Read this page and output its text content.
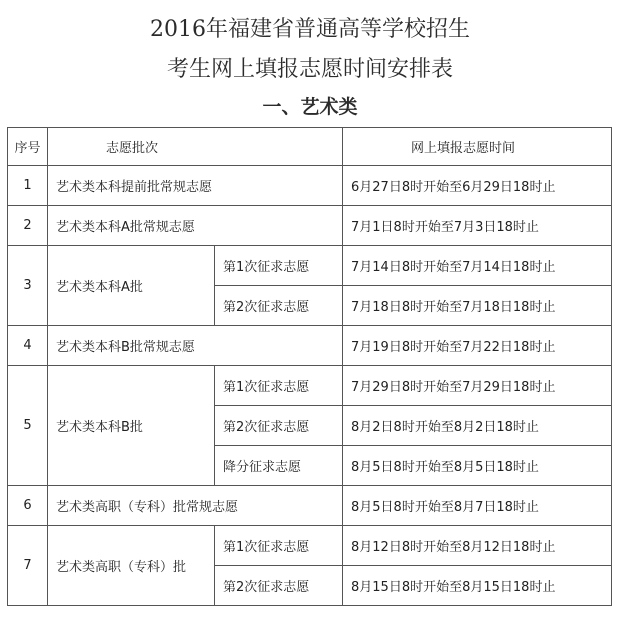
2016年福建省普通高等学校招生
考生网上填报志愿时间安排表
一、艺术类
序号	志愿批次		网上填报志愿时间
1	艺术类本科提前批常规志愿		6月27日8时开始至6月29日18时止
2	艺术类本科A批常规志愿		7月1日8时开始至7月3日18时止
3	艺术类本科A批	第1次征求志愿	7月14日8时开始至7月14日18时止
		第2次征求志愿	7月18日8时开始至7月18日18时止
4	艺术类本科B批常规志愿		7月19日8时开始至7月22日18时止
5	艺术类本科B批	第1次征求志愿	7月29日8时开始至7月29日18时止
		第2次征求志愿	8月2日8时开始至8月2日18时止
		降分征求志愿	8月5日8时开始至8月5日18时止
6	艺术类高职（专科）批常规志愿		8月5日8时开始至8月7日18时止
7	艺术类高职（专科）批	第1次征求志愿	8月12日8时开始至8月12日18时止
		第2次征求志愿	8月15日8时开始至8月15日18时止
